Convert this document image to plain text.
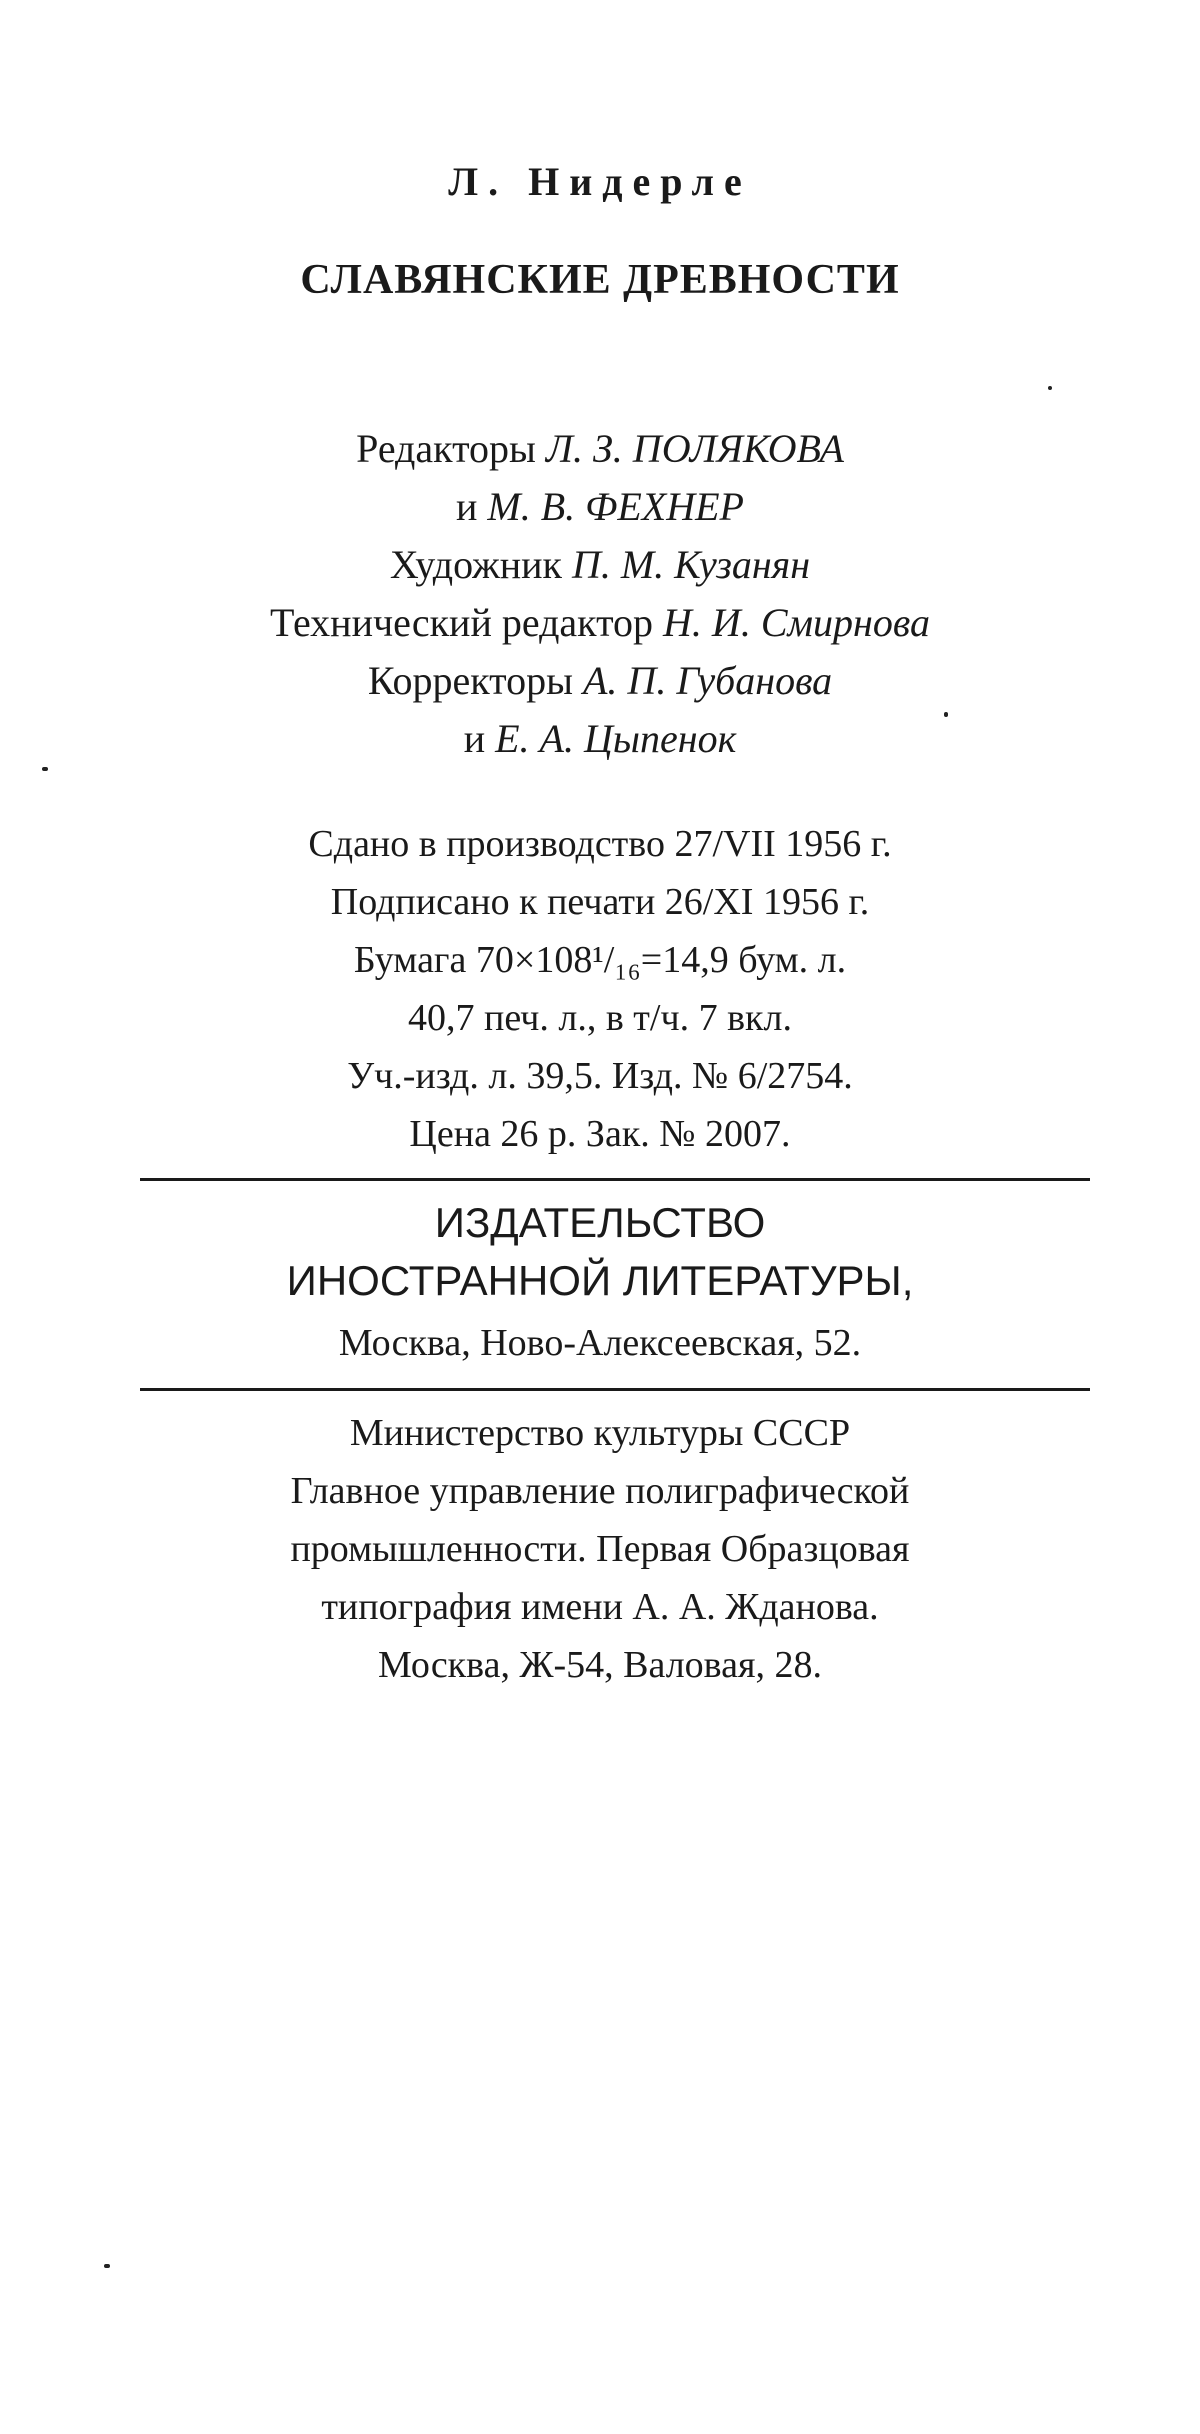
Л. Нидерле
СЛАВЯНСКИЕ ДРЕВНОСТИ
Редакторы Л. З. ПОЛЯКОВА
и М. В. ФЕХНЕР
Художник П. М. Кузанян
Технический редактор Н. И. Смирнова
Корректоры А. П. Губанова
и Е. А. Цыпенок
Сдано в производство 27/VII 1956 г.
Подписано к печати 26/XI 1956 г.
Бумага 70×108¹/₁₆=14,9 бум. л.
40,7 печ. л., в т/ч. 7 вкл.
Уч.-изд. л. 39,5. Изд. № 6/2754.
Цена 26 р. Зак. № 2007.
ИЗДАТЕЛЬСТВО
ИНОСТРАННОЙ ЛИТЕРАТУРЫ,
Москва, Ново-Алексеевская, 52.
Министерство культуры СССР
Главное управление полиграфической
промышленности. Первая Образцовая
типография имени А. А. Жданова.
Москва, Ж-54, Валовая, 28.
